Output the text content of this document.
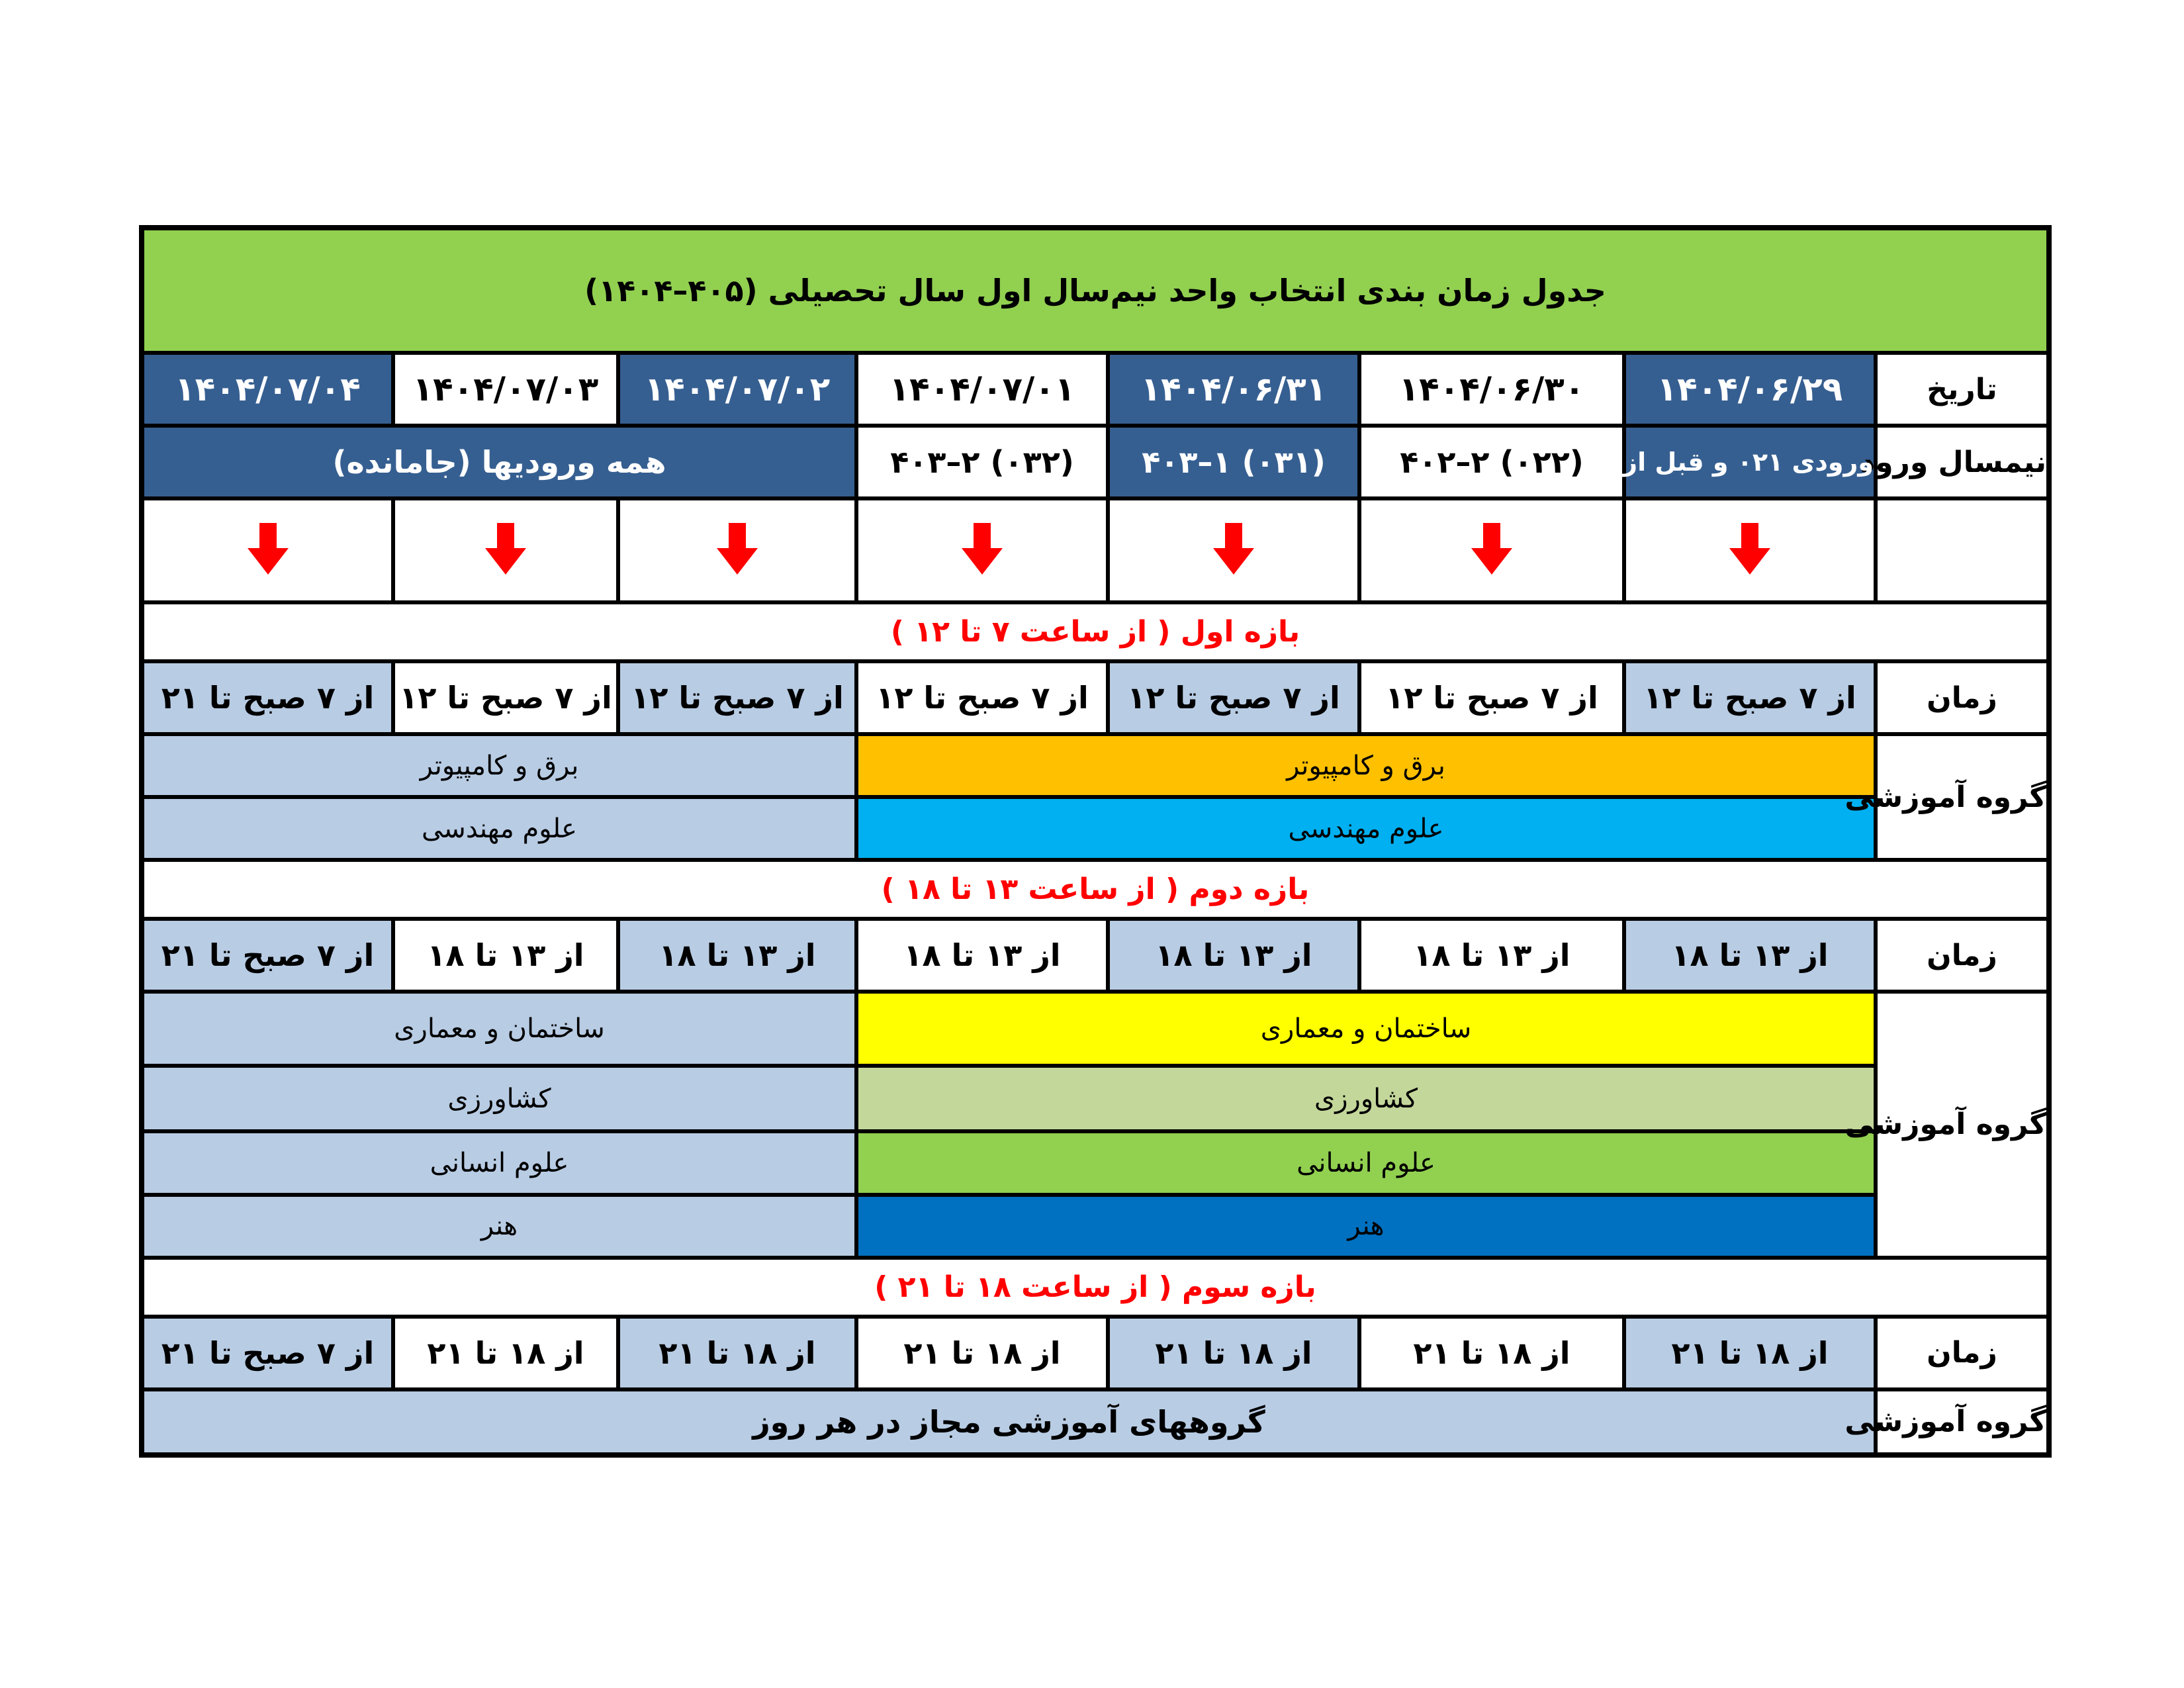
جدول زمان بندی انتخاب واحد نیم‌سال اول سال تحصیلی (۴۰۵–۱۴۰۴)							
تاریخ	۱۴۰۴/۰۶/۲۹	۱۴۰۴/۰۶/۳۰	۱۴۰۴/۰۶/۳۱	۱۴۰۴/۰۷/۰۱	۱۴۰۴/۰۷/۰۲	۱۴۰۴/۰۷/۰۳	۱۴۰۴/۰۷/۰۴
نیمسال ورود	ورودی ۰۲۱ و قبل از آن	(۰۲۲) ۲–۴۰۲	(۰۳۱) ۱–۴۰۳	(۰۳۲) ۲–۴۰۳	همه ورودیها (جامانده)		

بازه اول ( از ساعت ۷ تا ۱۲ )							
زمان	از ۷ صبح تا ۱۲	از ۷ صبح تا ۱۲	از ۷ صبح تا ۱۲	از ۷ صبح تا ۱۲	از ۷ صبح تا ۱۲	از ۷ صبح تا ۱۲	از ۷ صبح تا ۲۱
گروه آموزشی	برق و کامپیوتر				برق و کامپیوتر		
	علوم مهندسی				علوم مهندسی		
بازه دوم ( از ساعت ۱۳ تا ۱۸ )							
زمان	از ۱۳ تا ۱۸	از ۱۳ تا ۱۸	از ۱۳ تا ۱۸	از ۱۳ تا ۱۸	از ۱۳ تا ۱۸	از ۱۳ تا ۱۸	از ۷ صبح تا ۲۱
گروه آموزشی	ساختمان و معماری				ساختمان و معماری		
	کشاورزی				کشاورزی		
	علوم انسانی				علوم انسانی		
	هنر				هنر		
بازه سوم ( از ساعت ۱۸ تا ۲۱ )							
زمان	از ۱۸ تا ۲۱	از ۱۸ تا ۲۱	از ۱۸ تا ۲۱	از ۱۸ تا ۲۱	از ۱۸ تا ۲۱	از ۱۸ تا ۲۱	از ۷ صبح تا ۲۱
گروه آموزشی	گروههای آموزشی مجاز در هر روز						
